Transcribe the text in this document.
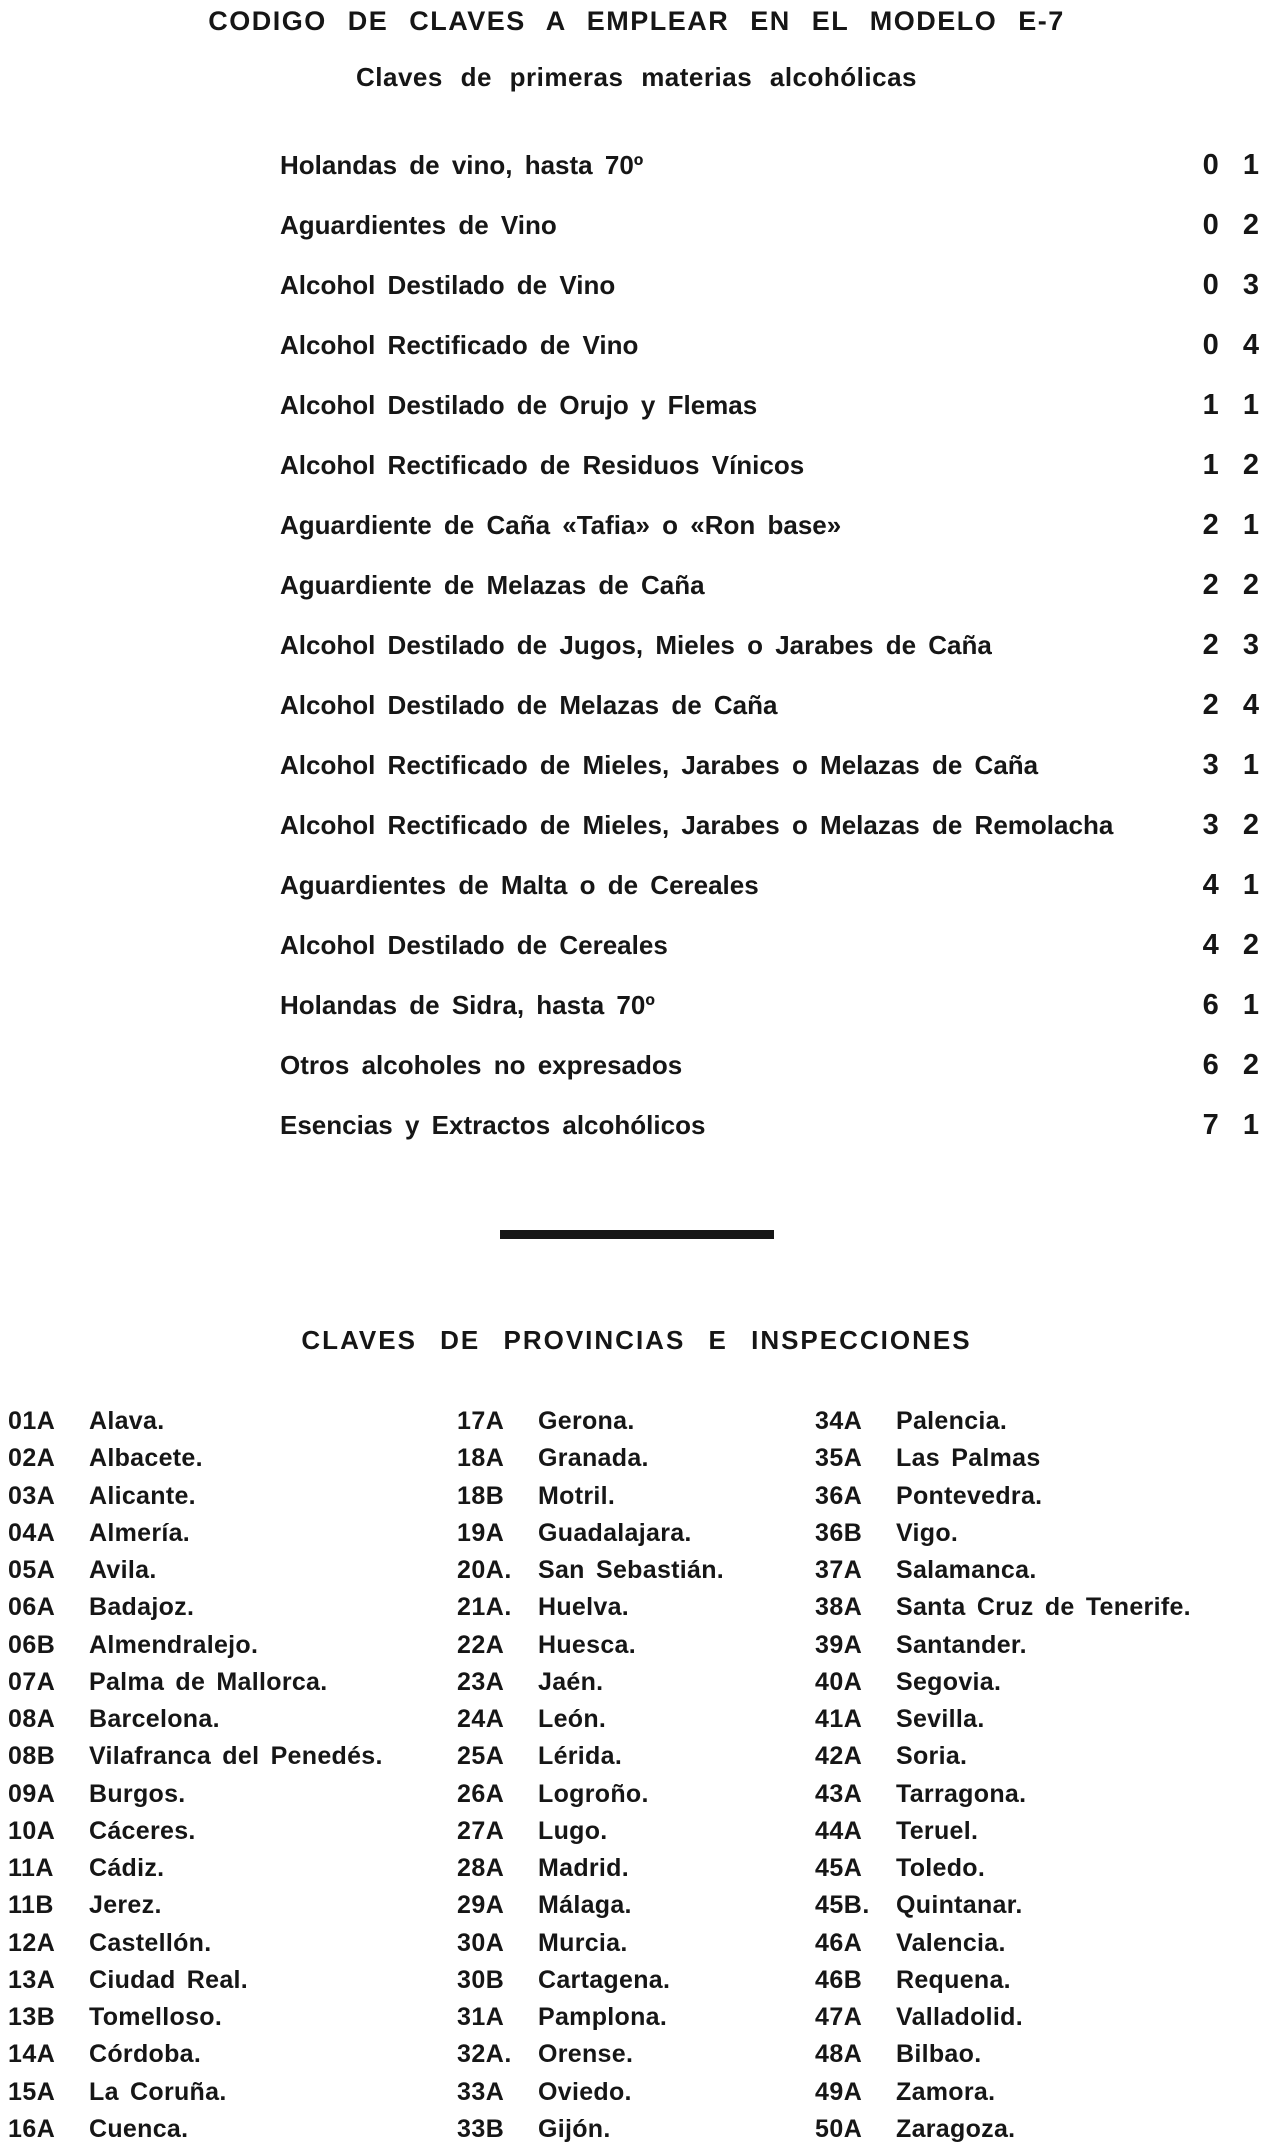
CODIGO DE CLAVES A EMPLEAR EN EL MODELO E-7
Claves de primeras materias alcohólicas
Holandas de vino, hasta 70º	0 1
Aguardientes de Vino	0 2
Alcohol Destilado de Vino	0 3
Alcohol Rectificado de Vino	0 4
Alcohol Destilado de Orujo y Flemas	1 1
Alcohol Rectificado de Residuos Vínicos	1 2
Aguardiente de Caña «Tafia» o «Ron base»	2 1
Aguardiente de Melazas de Caña	2 2
Alcohol Destilado de Jugos, Mieles o Jarabes de Caña	2 3
Alcohol Destilado de Melazas de Caña	2 4
Alcohol Rectificado de Mieles, Jarabes o Melazas de Caña	3 1
Alcohol Rectificado de Mieles, Jarabes o Melazas de Remolacha	3 2
Aguardientes de Malta o de Cereales	4 1
Alcohol Destilado de Cereales	4 2
Holandas de Sidra, hasta 70º	6 1
Otros alcoholes no expresados	6 2
Esencias y Extractos alcohólicos	7 1
CLAVES DE PROVINCIAS E INSPECCIONES
01A	Alava.
02A	Albacete.
03A	Alicante.
04A	Almería.
05A	Avila.
06A	Badajoz.
06B	Almendralejo.
07A	Palma de Mallorca.
08A	Barcelona.
08B	Vilafranca del Penedés.
09A	Burgos.
10A	Cáceres.
11A	Cádiz.
11B	Jerez.
12A	Castellón.
13A	Ciudad Real.
13B	Tomelloso.
14A	Córdoba.
15A	La Coruña.
16A	Cuenca.
17A	Gerona.
18A	Granada.
18B	Motril.
19A	Guadalajara.
20A.	San Sebastián.
21A.	Huelva.
22A	Huesca.
23A	Jaén.
24A	León.
25A	Lérida.
26A	Logroño.
27A	Lugo.
28A	Madrid.
29A	Málaga.
30A	Murcia.
30B	Cartagena.
31A	Pamplona.
32A.	Orense.
33A	Oviedo.
33B	Gijón.
34A	Palencia.
35A	Las Palmas
36A	Pontevedra.
36B	Vigo.
37A	Salamanca.
38A	Santa Cruz de Tenerife.
39A	Santander.
40A	Segovia.
41A	Sevilla.
42A	Soria.
43A	Tarragona.
44A	Teruel.
45A	Toledo.
45B.	Quintanar.
46A	Valencia.
46B	Requena.
47A	Valladolid.
48A	Bilbao.
49A	Zamora.
50A	Zaragoza.
